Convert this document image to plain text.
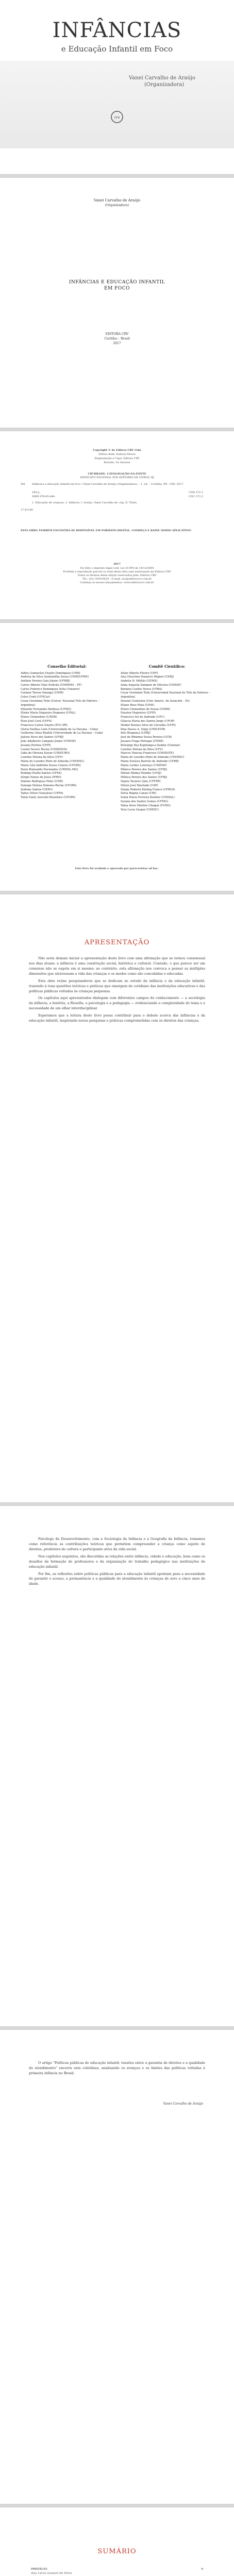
INFÂNCIAS
e Educação Infantil em Foco
Vanei Carvalho de Araújo
(Organizadora)
crv
Vanei Carvalho de Araújo
(Organizadora)
INFÂNCIAS E EDUCAÇÃO INFANTIL
EM FOCO
EDITORA CRV
Curitiba – Brasil
2017
Copyright © da Editora CRV Ltda
Editor-chefe: Railson Moura
Diagramação e Capa: Editora CRV
Revisão: Os Autores
CIP-BRASIL. CATALOGAÇÃO-NA-FONTE
SINDICATO NACIONAL DOS EDITORES DE LIVROS, RJ
I44	Infâncias e educação infantil em foco / Vanei Carvalho de Araújo (Organizadora). – 1. ed. – Curitiba, PR : CRV, 2017.
184 p.	CDD 372.1
ISBN 978-85-444-	CDU 373.2
1. Educação de crianças. 2. Infância. I. Araújo, Vanei Carvalho de. org. II. Título.
17-41160
ESTA OBRA TAMBÉM ENCONTRA-SE DISPONÍVEL EM FORMATO DIGITAL. CONHEÇA E BAIXE NOSSO APLICATIVO!
2017
Foi feito o depósito legal conf. Lei 10.994 de 14/12/2004
Proibida a reprodução parcial ou total desta obra sem autorização da Editora CRV
Todos os direitos desta edição reservados pela: Editora CRV
Tel.: (41) 3039-6418 - E-mail: sac@editoracrv.com.br
Conheça os nossos lançamentos: www.editoracrv.com.br
Conselho Editorial:
Aldira Guimarães Duarte Domínguez (UNB)
Andréia da Silva Quintanilha Sousa (UNIR/UFRN)
Antônio Pereira Gaio Júnior (UFRRJ)
Carlos Alberto Vilar Estêvão (UMINHO – PT)
Carlos Federico Dominguez Avila (Unieuro)
Carmen Tereza Velanga (UNIR)
Celso Conti (UFSCar)
Cesar Gerónimo Tello (Univer. Nacional Três de Febrero – Argentina)
Eduardo Fernandes Barbosa (UFMG)
Elione Maria Nogueira Diogenes (UFAL)
Elizeu Clementino (UNEB)
Élsio José Corá (UFFS)
Francisco Carlos Duarte (PUC-PR)
Gloria Fariñas León (Universidade de La Havana – Cuba)
Guillermo Arias Beatón (Universidade de La Havana – Cuba)
Jailson Alves dos Santos (UFRJ)
João Adalberto Campato Junior (UNESP)
Josania Portela (UFPI)
Leonel Severo Rocha (UNISINOS)
Lídia de Oliveira Xavier (UNIEURO)
Lourdes Helena da Silva (UFV)
Maria de Lourdes Pinto de Almeida (UNOESC)
Maria Lília Imbiriba Sousa Colares (UFOPA)
Paulo Romualdo Hernandes (UNIFAL-MG)
Rodrigo Pratte-Santos (UFES)
Sérgio Nunes de Jesus (IFRO)
Simone Rodrigues Pinto (UNB)
Solange Helena Ximenes-Rocha (UFOPA)
Sydione Santos (UEPG)
Tadeu Oliver Gonçalves (UFPA)
Tania Suely Azevedo Brasileiro (UFOPA)
Comitê Científico:
Altair Alberto Fávero (UPF)
Ana Chrystina Venancio Mignot (UERJ)
Andréia N. Militão (UEMS)
Anna Augusta Sampaio de Oliveira (UNESP)
Barbara Coelho Neves (UFBA)
Cesar Gerónimo Tello (Universidad Nacional de Três de Febrero – Argentina)
Diosnel Centurion (Univ Americ. de Asunción – Py)
Eliane Rose Maio (UEM)
Elizeu Clementino de Souza (UNEB)
Fauston Negreiros (UFPI)
Francisco Ari de Andrade (UFC)
Gláucia Maria dos Santos Jorge (UFOP)
Helder Buenos Aires de Carvalho (UFPI)
Ilma Passos A. Veiga (UNICEUB)
Inês Bragança (UERJ)
José de Ribamar Sousa Pereira (UCB)
Jussara Fraga Portugal (UNEB)
Kilwangy Kya Kapitango-a-Samba (Unemat)
Lourdes Helena da Silva (UFV)
Marcos Vinicius Francisco (UNOESTE)
Maria de Lourdes Pinto de Almeida (UNOESC)
Maria Eurácia Barreto de Andrade (UFRB)
Maria Lurdes Lourenço (UNIFAP)
Mônica Pereira dos Santos (UFRJ)
Mirian Fátima Mendes (UFSJ)
Mônica Pereira dos Santos (UFRJ)
Najela Tavares Ujiie (UTFPR)
Nilson José Machado (USP)
Sérgio Roberto Kieling Franco (UFRGS)
Silvia Regina Canan (URI)
Sonia Maria Ferreira Koehler (UNISAL)
Suzana dos Santos Gomes (UFMG)
Vânia Alves Martins Chaigar (FURG)
Vera Lucia Gaspar (UDESC)
Este livro foi avaliado e aprovado por pareceristas ad hoc.
APRESENTAÇÃO

Não seria demais iniciar a apresentação deste livro com uma afirmação que se tornou consensual nos dias atuais: a infância é uma construção social, histórica e cultural. Contudo, o que parece ser um consenso não se esgota em si mesmo; ao contrário, esta afirmação nos convoca a pensar as múltiplas dimensões que atravessam a vida das crianças e os modos como são concebidas e educadas.

Esta obra reúne pesquisadores que se dedicam ao estudo da infância e da educação infantil, trazendo à tona questões teóricas e práticas que emergem do cotidiano das instituições educativas e das políticas públicas voltadas às crianças pequenas.

Os capítulos aqui apresentados dialogam com diferentes campos do conhecimento — a sociologia da infância, a história, a filosofia, a psicologia e a pedagogia — evidenciando a complexidade do tema e a necessidade de um olhar interdisciplinar.

Esperamos que a leitura deste livro possa contribuir para o debate acerca das infâncias e da educação infantil, inspirando novas pesquisas e práticas comprometidas com os direitos das crianças.

Psicólogo do Desenvolvimento, com a Sociologia da Infância e a Geografia da Infância, tomamos como referência as contribuições teóricas que permitem compreender a criança como sujeito de direitos, produtora de cultura e participante ativa da vida social.

Nos capítulos seguintes, são discutidas as relações entre infância, cidade e educação, bem como os desafios da formação de professores e da organização do trabalho pedagógico nas instituições de educação infantil.

Por fim, as reflexões sobre políticas públicas para a educação infantil apontam para a necessidade de garantir o acesso, a permanência e a qualidade do atendimento às crianças de zero a cinco anos de idade.

O artigo "Políticas públicas de educação infantil: tensões entre a garantia de direitos e a qualidade do atendimento" encerra esta coletânea, analisando os avanços e os limites das políticas voltadas à primeira infância no Brasil.

Vanei Carvalho de Araújo
SUMÁRIO
PREFÁCIO	9
Ana Lúcia Goulart de Faria
